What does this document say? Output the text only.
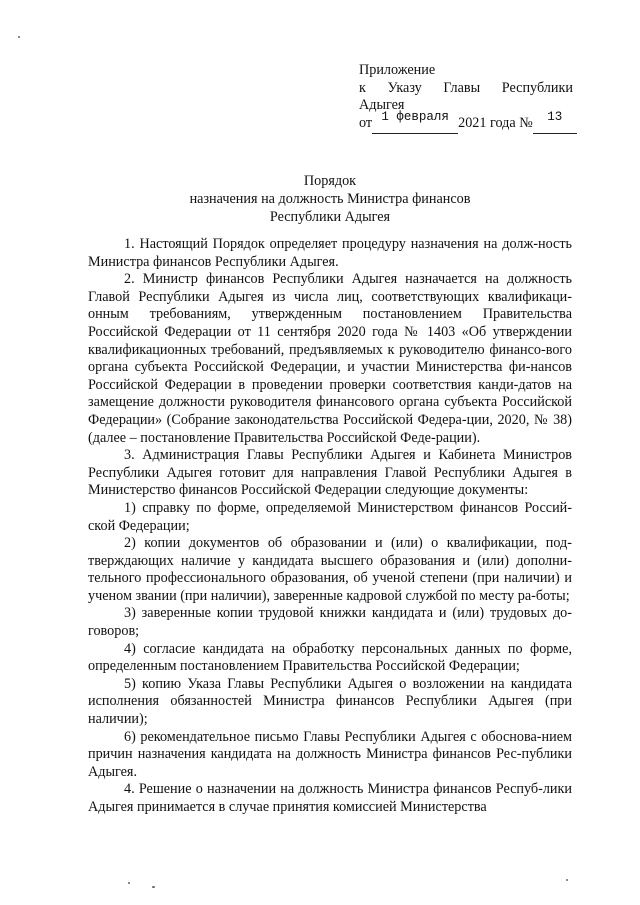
Приложение
к Указу Главы Республики
Адыгея
от 1 февраля 2021 года № 13
Порядок
назначения на должность Министра финансов
Республики Адыгея

1. Настоящий Порядок определяет процедуру назначения на долж-ность Министра финансов Республики Адыгея.

2. Министр финансов Республики Адыгея назначается на должность Главой Республики Адыгея из числа лиц, соответствующих квалификаци-онным требованиям, утвержденным постановлением Правительства Российской Федерации от 11 сентября 2020 года № 1403 «Об утверждении квалификационных требований, предъявляемых к руководителю финансо-вого органа субъекта Российской Федерации, и участии Министерства фи-нансов Российской Федерации в проведении проверки соответствия канди-датов на замещение должности руководителя финансового органа субъекта Российской Федерации» (Собрание законодательства Российской Федера-ции, 2020, № 38) (далее – постановление Правительства Российской Феде-рации).

3. Администрация Главы Республики Адыгея и Кабинета Министров Республики Адыгея готовит для направления Главой Республики Адыгея в Министерство финансов Российской Федерации следующие документы:

1) справку по форме, определяемой Министерством финансов Россий-ской Федерации;

2) копии документов об образовании и (или) о квалификации, под-тверждающих наличие у кандидата высшего образования и (или) дополни-тельного профессионального образования, об ученой степени (при наличии) и ученом звании (при наличии), заверенные кадровой службой по месту ра-боты;

3) заверенные копии трудовой книжки кандидата и (или) трудовых до-говоров;

4) согласие кандидата на обработку персональных данных по форме, определенным постановлением Правительства Российской Федерации;

5) копию Указа Главы Республики Адыгея о возложении на кандидата исполнения обязанностей Министра финансов Республики Адыгея (при наличии);

6) рекомендательное письмо Главы Республики Адыгея с обоснова-нием причин назначения кандидата на должность Министра финансов Рес-публики Адыгея.

4. Решение о назначении на должность Министра финансов Респуб-лики Адыгея принимается в случае принятия комиссией Министерства
